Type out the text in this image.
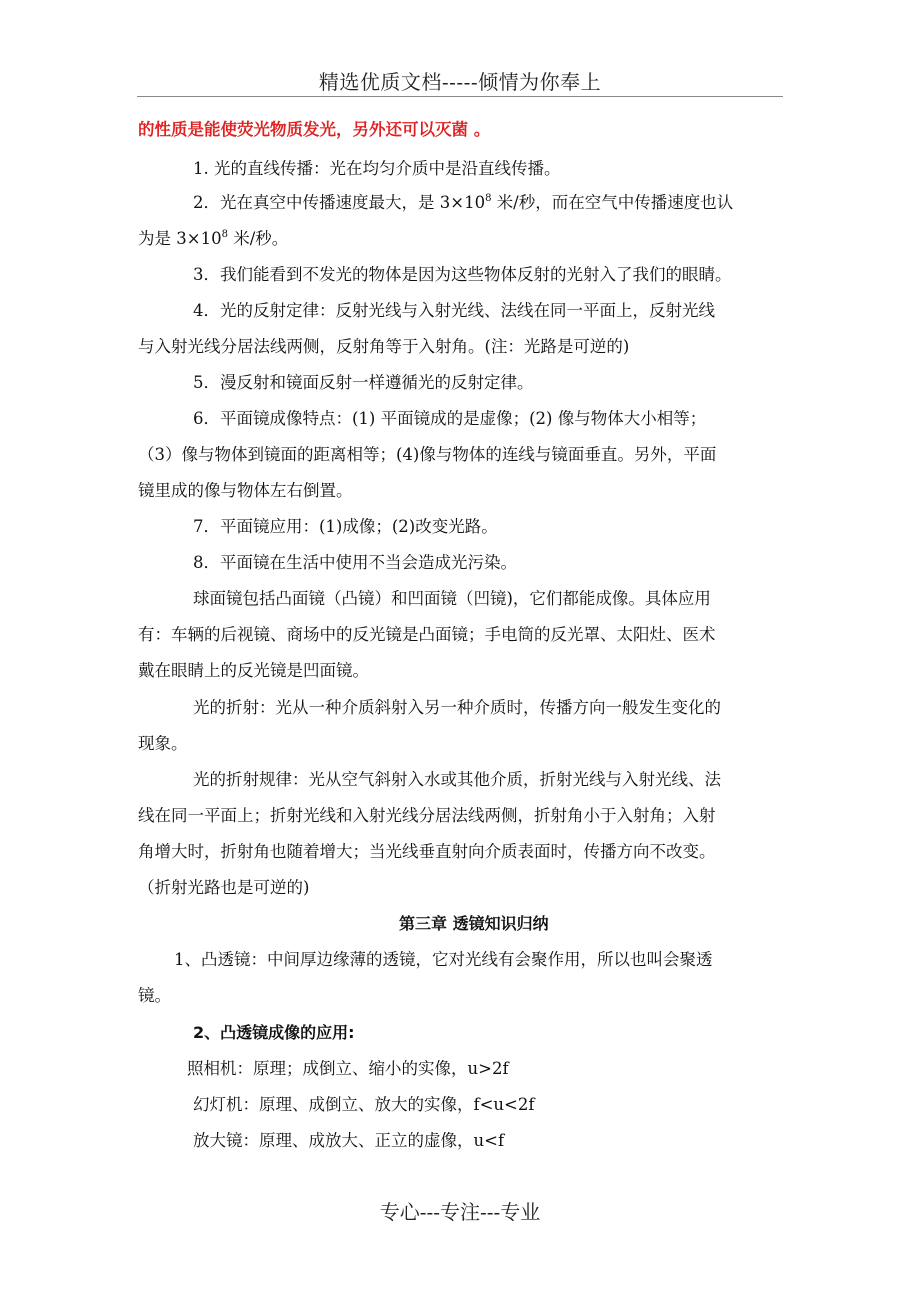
精选优质文档-----倾情为你奉上
的性质是能使荧光物质发光，另外还可以灭菌 。
1. 光的直线传播：光在均匀介质中是沿直线传播。
2．光在真空中传播速度最大，是 $3\times 10^8$ 米/秒，而在空气中传播速度也认
为是 $3\times 10^8$ 米/秒。
3．我们能看到不发光的物体是因为这些物体反射的光射入了我们的眼睛。
4．光的反射定律：反射光线与入射光线、法线在同一平面上，反射光线
与入射光线分居法线两侧，反射角等于入射角。(注：光路是可逆的)
5．漫反射和镜面反射一样遵循光的反射定律。
6．平面镜成像特点：(1) 平面镜成的是虚像；(2) 像与物体大小相等；
（3）像与物体到镜面的距离相等；(4)像与物体的连线与镜面垂直。另外，平面
镜里成的像与物体左右倒置。
7．平面镜应用：(1)成像；(2)改变光路。
8．平面镜在生活中使用不当会造成光污染。
球面镜包括凸面镜（凸镜）和凹面镜（凹镜)，它们都能成像。具体应用
有：车辆的后视镜、商场中的反光镜是凸面镜；手电筒的反光罩、太阳灶、医术
戴在眼睛上的反光镜是凹面镜。
光的折射：光从一种介质斜射入另一种介质时，传播方向一般发生变化的
现象。
光的折射规律：光从空气斜射入水或其他介质，折射光线与入射光线、法
线在同一平面上；折射光线和入射光线分居法线两侧，折射角小于入射角；入射
角增大时，折射角也随着增大；当光线垂直射向介质表面时，传播方向不改变。
（折射光路也是可逆的)
第三章 透镜知识归纳
1、凸透镜：中间厚边缘薄的透镜，它对光线有会聚作用，所以也叫会聚透
镜。
2、凸透镜成像的应用:
照相机：原理；成倒立、缩小的实像，u>2f
幻灯机：原理、成倒立、放大的实像，f<u<2f
放大镜：原理、成放大、正立的虚像，u<f
专心---专注---专业
